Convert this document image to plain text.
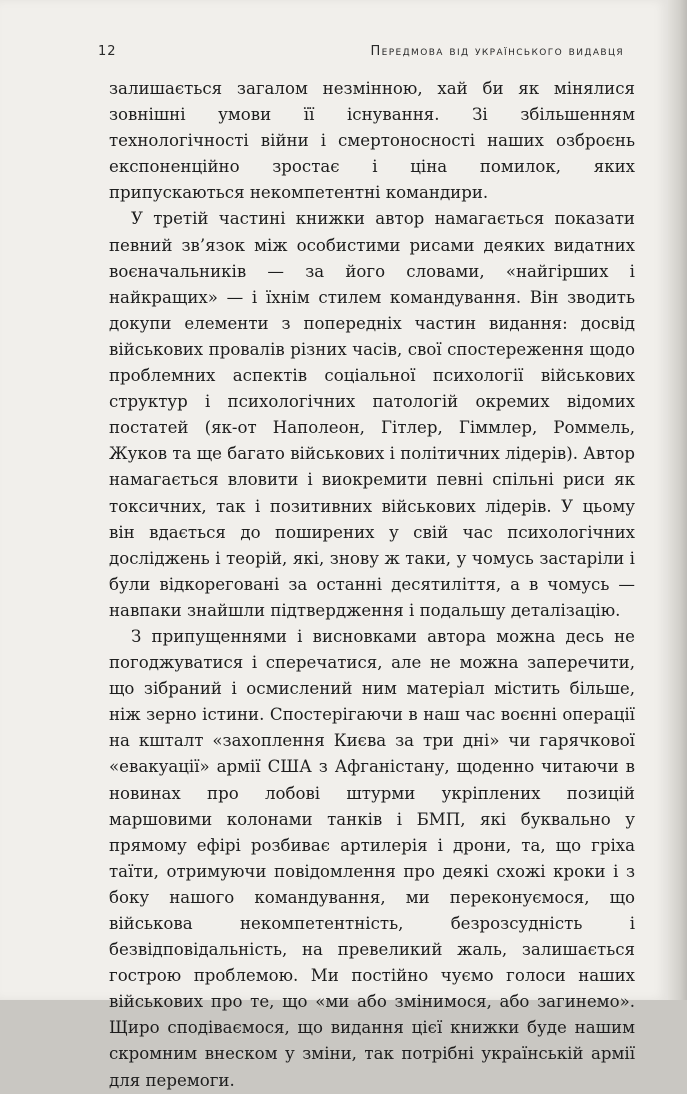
12	Передмова від українського видавця

залишається загалом незмінною, хай би як мінялися зовнішні умови її існування. Зі збільшенням технологічності війни і смертоносності наших озброєнь експоненційно зростає і ціна помилок, яких припускаються некомпетентні командири.

У третій частині книжки автор намагається показати певний зв’язок між особистими рисами деяких видатних воєначальників — за його словами, «найгірших і найкращих» — і їхнім стилем командування. Він зводить докупи елементи з попередніх частин видання: досвід військових провалів різних часів, свої спостереження щодо проблемних аспектів соціальної психології військових структур і психологічних патологій окремих відомих постатей (як-от Наполеон, Гітлер, Гіммлер, Роммель, Жуков та ще багато військових і політичних лідерів). Автор намагається вловити і виокремити певні спільні риси як токсичних, так і позитивних військових лідерів. У цьому він вдається до поширених у свій час психологічних досліджень і теорій, які, знову ж таки, у чомусь застаріли і були відкореговані за останні десятиліття, а в чомусь — навпаки знайшли підтвердження і подальшу деталізацію.

З припущеннями і висновками автора можна десь не погоджуватися і сперечатися, але не можна заперечити, що зібраний і осмислений ним матеріал містить більше, ніж зерно істини. Спостерігаючи в наш час воєнні операції на кшталт «захоплення Києва за три дні» чи гарячкової «евакуації» армії США з Афганістану, щоденно читаючи в новинах про лобові штурми укріплених позицій маршовими колонами танків і БМП, які буквально у прямому ефірі розбиває артилерія і дрони, та, що гріха таїти, отримуючи повідомлення про деякі схожі кроки і з боку нашого командування, ми переконуємося, що військова некомпетентність, безрозсудність і безвідповідальність, на превеликий жаль, залишається гострою проблемою. Ми постійно чуємо голоси наших військових про те, що «ми або змінимося, або загинемо». Щиро сподіваємося, що видання цієї книжки буде нашим скромним внеском у зміни, так потрібні українській армії для перемоги.
